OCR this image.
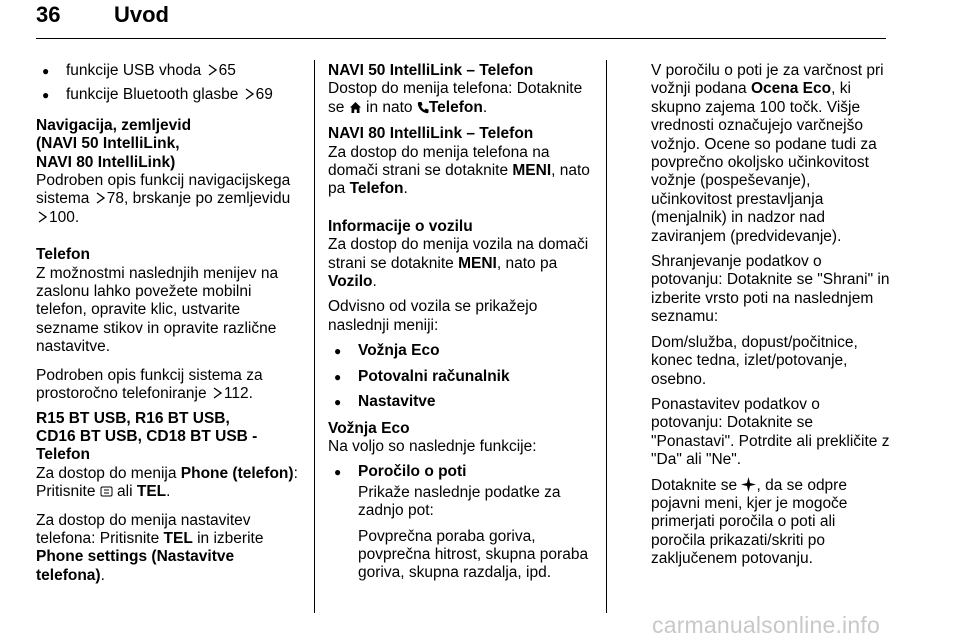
36 Uvod
● funkcije USB vhoda 65
● funkcije Bluetooth glasbe 69

Navigacija, zemljevid
(NAVI 50 IntelliLink,
NAVI 80 IntelliLink)

Podroben opis funkcij navigacijskega sistema 78, brskanje po zemljevidu 100.

Telefon

Z možnostmi naslednjih menijev na zaslonu lahko povežete mobilni telefon, opravite klic, ustvarite sezname stikov in opravite različne nastavitve.

Podroben opis funkcij sistema za prostoročno telefoniranje 112.

R15 BT USB, R16 BT USB,
CD16 BT USB, CD18 BT USB -
Telefon

Za dostop do menija Phone (telefon): Pritisnite  ali TEL.

Za dostop do menija nastavitev telefona: Pritisnite TEL in izberite Phone settings (Nastavitve telefona).

NAVI 50 IntelliLink – Telefon

Dostop do menija telefona: Dotaknite se  in nato Telefon.

NAVI 80 IntelliLink – Telefon

Za dostop do menija telefona na domači strani se dotaknite MENI, nato pa Telefon.

Informacije o vozilu

Za dostop do menija vozila na domači strani se dotaknite MENI, nato pa Vozilo.

Odvisno od vozila se prikažejo naslednji meniji:

● Vožnja Eco
● Potovalni računalnik
● Nastavitve

Vožnja Eco

Na voljo so naslednje funkcije:

● Poročilo o poti

Prikaže naslednje podatke za zadnjo pot:

Povprečna poraba goriva, povprečna hitrost, skupna poraba goriva, skupna razdalja, ipd.

V poročilu o poti je za varčnost pri vožnji podana Ocena Eco, ki skupno zajema 100 točk. Višje vrednosti označujejo varčnejšo vožnjo. Ocene so podane tudi za povprečno okoljsko učinkovitost vožnje (pospeševanje), učinkovitost prestavljanja (menjalnik) in nadzor nad zaviranjem (predvidevanje).

Shranjevanje podatkov o potovanju: Dotaknite se "Shrani" in izberite vrsto poti na naslednjem seznamu:

Dom/služba, dopust/počitnice, konec tedna, izlet/potovanje, osebno.

Ponastavitev podatkov o potovanju: Dotaknite se "Ponastavi". Potrdite ali prekličite z "Da" ali "Ne".

Dotaknite se , da se odpre pojavni meni, kjer je mogoče primerjati poročila o poti ali poročila prikazati/skriti po zaključenem potovanju.

carmanualsonline.info
